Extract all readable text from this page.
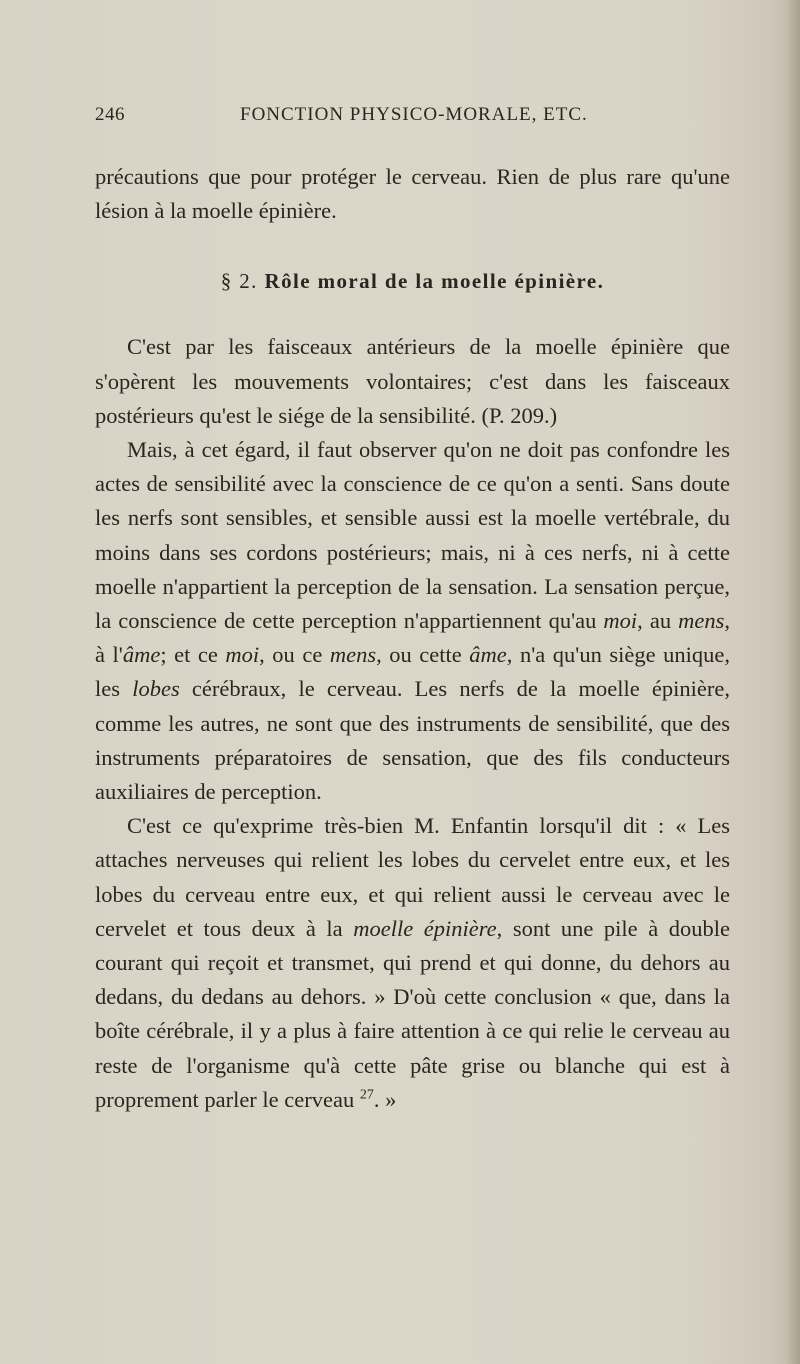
246	FONCTION PHYSICO-MORALE, ETC.

précautions que pour protéger le cerveau. Rien de plus rare qu'une lésion à la moelle épinière.

§ 2. Rôle moral de la moelle épinière.

C'est par les faisceaux antérieurs de la moelle épinière que s'opèrent les mouvements volontaires; c'est dans les faisceaux postérieurs qu'est le siége de la sensibilité. (P. 209.)

Mais, à cet égard, il faut observer qu'on ne doit pas confondre les actes de sensibilité avec la conscience de ce qu'on a senti. Sans doute les nerfs sont sensibles, et sensible aussi est la moelle vertébrale, du moins dans ses cordons postérieurs; mais, ni à ces nerfs, ni à cette moelle n'appartient la perception de la sensation. La sensation perçue, la conscience de cette perception n'appartiennent qu'au moi, au mens, à l'âme; et ce moi, ou ce mens, ou cette âme, n'a qu'un siège unique, les lobes cérébraux, le cerveau. Les nerfs de la moelle épinière, comme les autres, ne sont que des instruments de sensibilité, que des instruments préparatoires de sensation, que des fils conducteurs auxiliaires de perception.

C'est ce qu'exprime très-bien M. Enfantin lorsqu'il dit : « Les attaches nerveuses qui relient les lobes du cervelet entre eux, et les lobes du cerveau entre eux, et qui relient aussi le cerveau avec le cervelet et tous deux à la moelle épinière, sont une pile à double courant qui reçoit et transmet, qui prend et qui donne, du dehors au dedans, du dedans au dehors. » D'où cette conclusion « que, dans la boîte cérébrale, il y a plus à faire attention à ce qui relie le cerveau au reste de l'organisme qu'à cette pâte grise ou blanche qui est à proprement parler le cerveau $^{27}$. »
